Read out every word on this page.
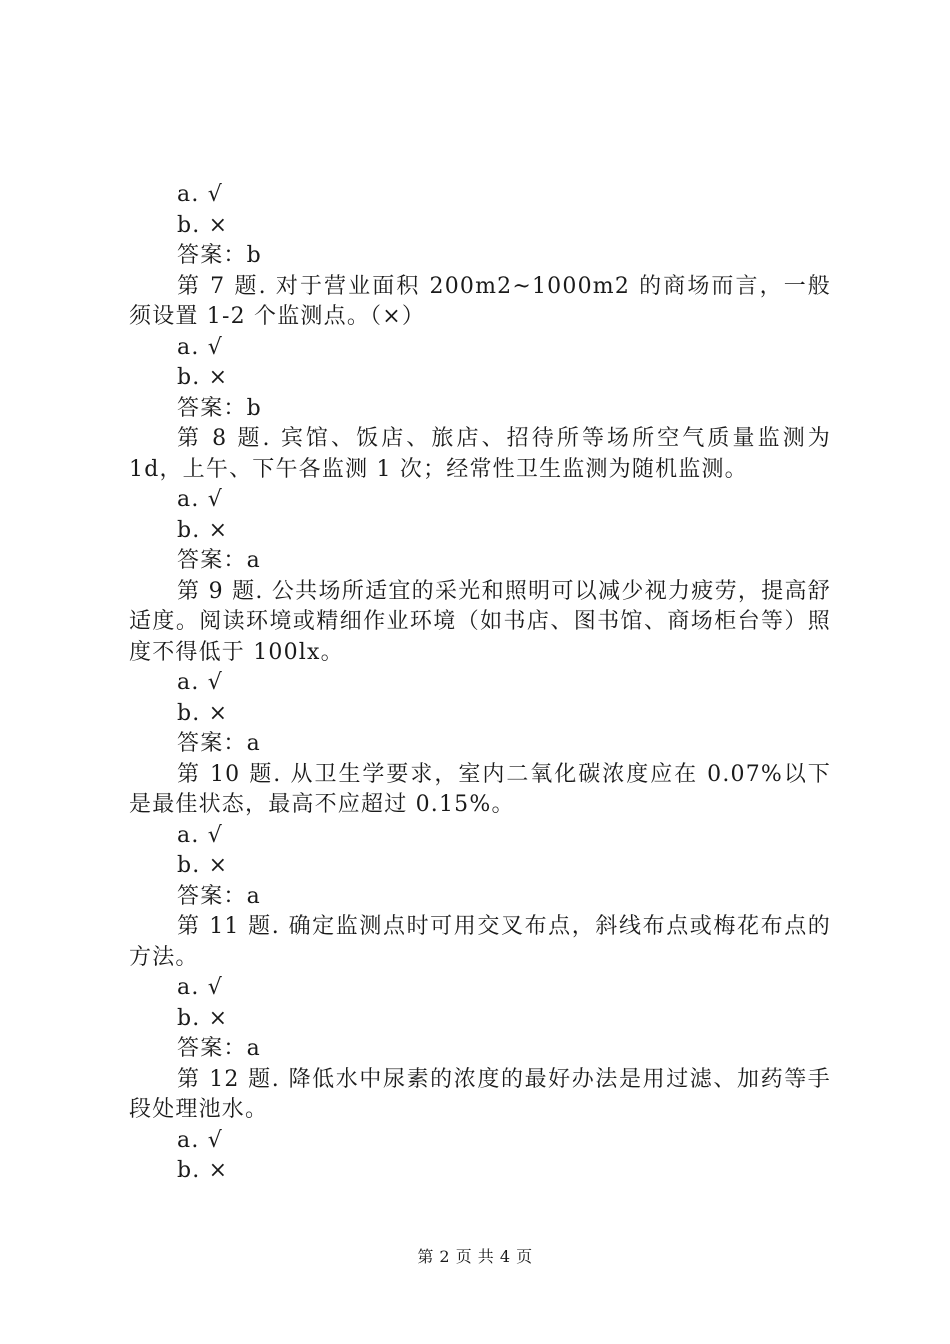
a. √
b. ×
答案：b
第 7 题. 对于营业面积 200m2~1000m2 的商场而言，一般须设置 1-2 个监测点。（×）
a. √
b. ×
答案：b
第 8 题. 宾馆、饭店、旅店、招待所等场所空气质量监测为 1d，上午、下午各监测 1 次；经常性卫生监测为随机监测。
a. √
b. ×
答案：a
第 9 题. 公共场所适宜的采光和照明可以减少视力疲劳，提高舒适度。阅读环境或精细作业环境（如书店、图书馆、商场柜台等）照度不得低于 100lx。
a. √
b. ×
答案：a
第 10 题. 从卫生学要求，室内二氧化碳浓度应在 0.07%以下是最佳状态，最高不应超过 0.15%。
a. √
b. ×
答案：a
第 11 题. 确定监测点时可用交叉布点，斜线布点或梅花布点的方法。
a. √
b. ×
答案：a
第 12 题. 降低水中尿素的浓度的最好办法是用过滤、加药等手段处理池水。
a. √
b. ×
第 2 页 共 4 页
